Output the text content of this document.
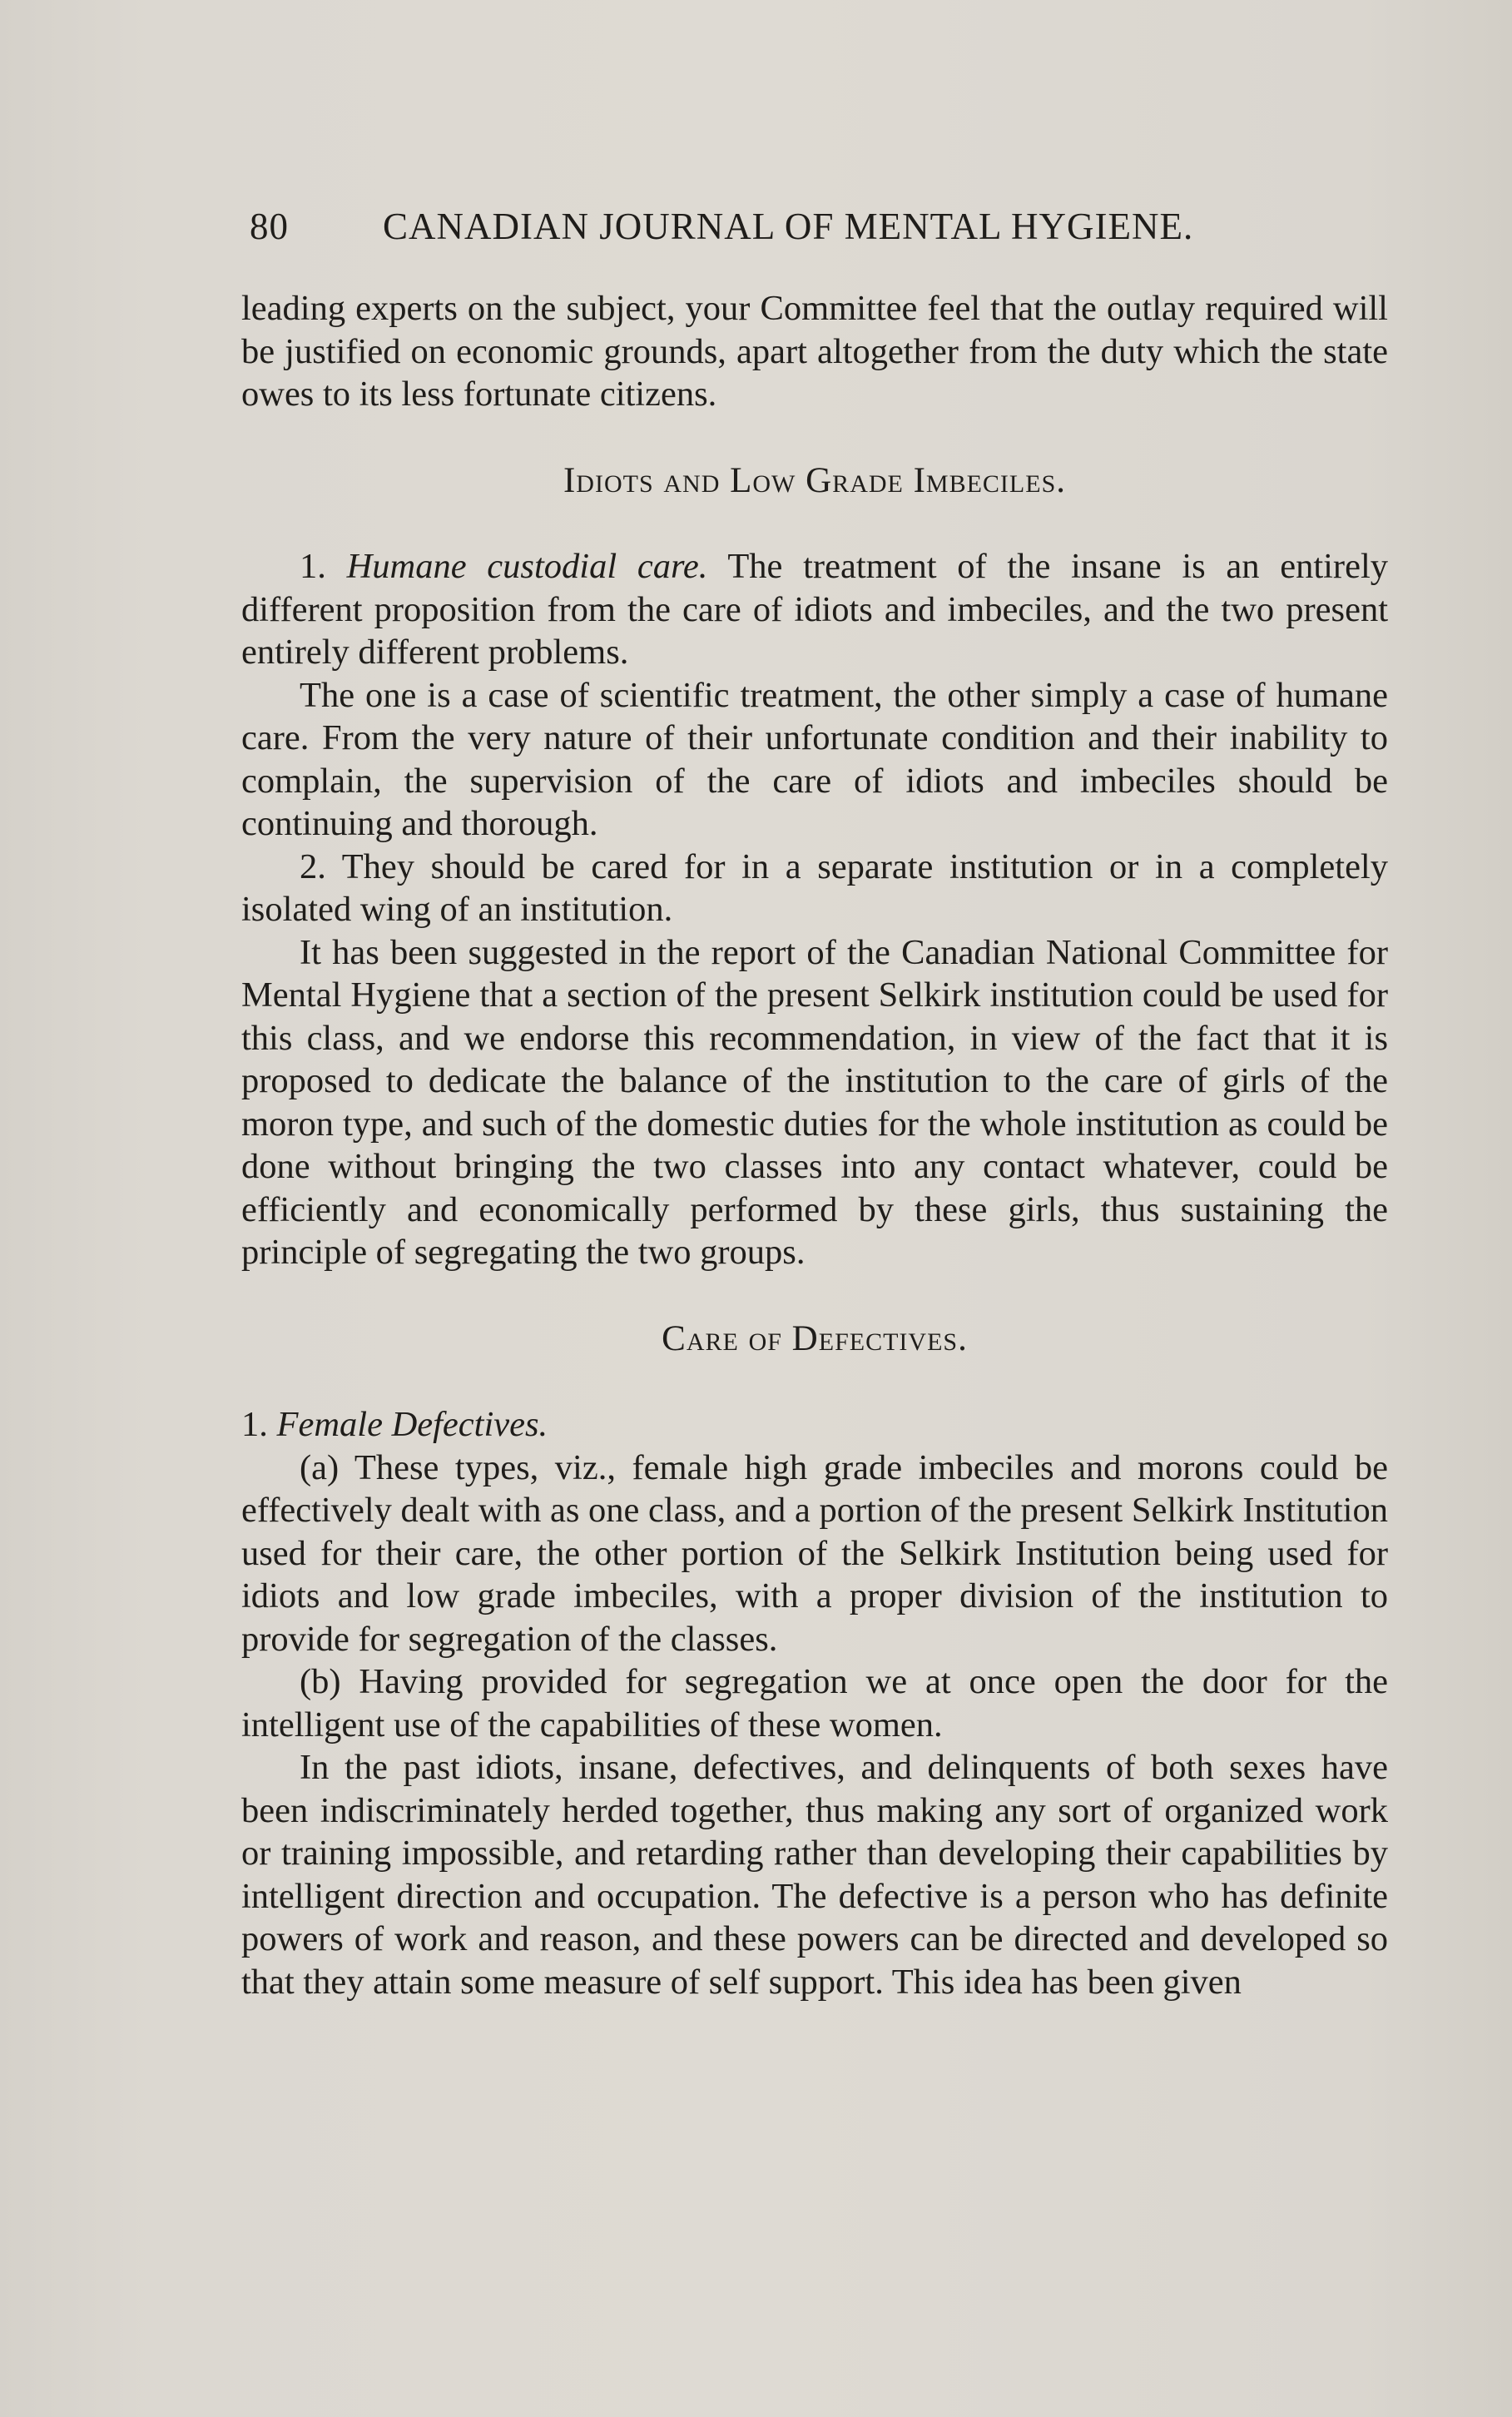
80	CANADIAN JOURNAL OF MENTAL HYGIENE.

leading experts on the subject, your Committee feel that the outlay required will be justified on economic grounds, apart altogether from the duty which the state owes to its less fortunate citizens.

Idiots and Low Grade Imbeciles.

1. Humane custodial care. The treatment of the insane is an entirely different proposition from the care of idiots and imbeciles, and the two present entirely different problems.

The one is a case of scientific treatment, the other simply a case of humane care. From the very nature of their unfortunate condition and their inability to complain, the supervision of the care of idiots and imbeciles should be continuing and thorough.

2. They should be cared for in a separate institution or in a completely isolated wing of an institution.

It has been suggested in the report of the Canadian National Committee for Mental Hygiene that a section of the present Selkirk institution could be used for this class, and we endorse this recommendation, in view of the fact that it is proposed to dedicate the balance of the institution to the care of girls of the moron type, and such of the domestic duties for the whole institution as could be done without bringing the two classes into any contact whatever, could be efficiently and economically performed by these girls, thus sustaining the principle of segregating the two groups.

Care of Defectives.

1. Female Defectives.

(a) These types, viz., female high grade imbeciles and morons could be effectively dealt with as one class, and a portion of the present Selkirk Institution used for their care, the other portion of the Selkirk Institution being used for idiots and low grade imbeciles, with a proper division of the institution to provide for segregation of the classes.

(b) Having provided for segregation we at once open the door for the intelligent use of the capabilities of these women.

In the past idiots, insane, defectives, and delinquents of both sexes have been indiscriminately herded together, thus making any sort of organized work or training impossible, and retarding rather than developing their capabilities by intelligent direction and occupation. The defective is a person who has definite powers of work and reason, and these powers can be directed and developed so that they attain some measure of self support. This idea has been given
